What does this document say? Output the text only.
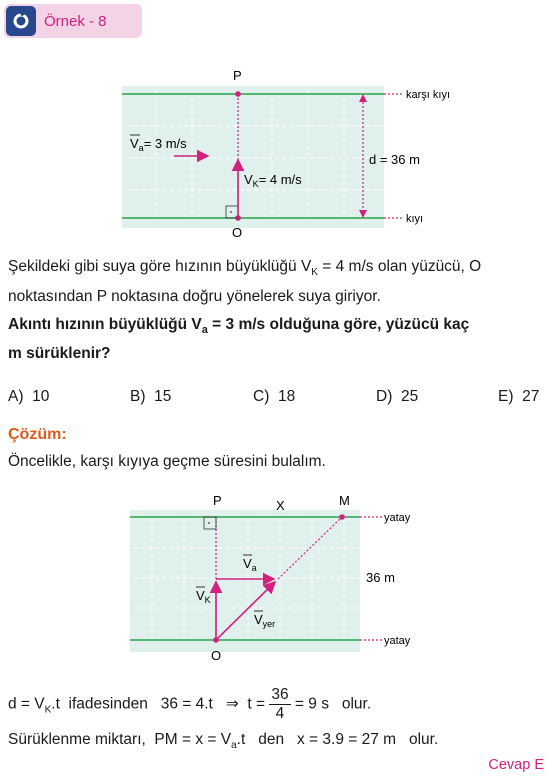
Örnek - 8
karşı kıyı
kıyı
P
O
$V_K= 4$ m/s
$V_a= 3$ m/s
d = 36 m
Şekildeki gibi suya göre hızının büyüklüğü $V_K = 4$ m/s olan yüzücü, O
noktasından P noktasına doğru yönelerek suya giriyor.
Akıntı hızının büyüklüğü $V_a = 3$ m/s olduğuna göre, yüzücü kaç
m sürüklenir?
A) 10	B) 15	C) 18	D) 25	E) 27
Çözüm:
Öncelikle, karşı kıyıya geçme süresini bulalım.
yatay
yatay
P	X	M
O
$V_a$
$V_K$
$V_{yer}$
36 m
$d = V_K.t$  ifadesinden   36 = 4.t   ⇒  $t = \frac{36}{4} = 9$ s   olur.
Sürüklenme miktarı,  PM = $x = V_a.t$   den   x = 3.9 = 27 m   olur.
Cevap E
